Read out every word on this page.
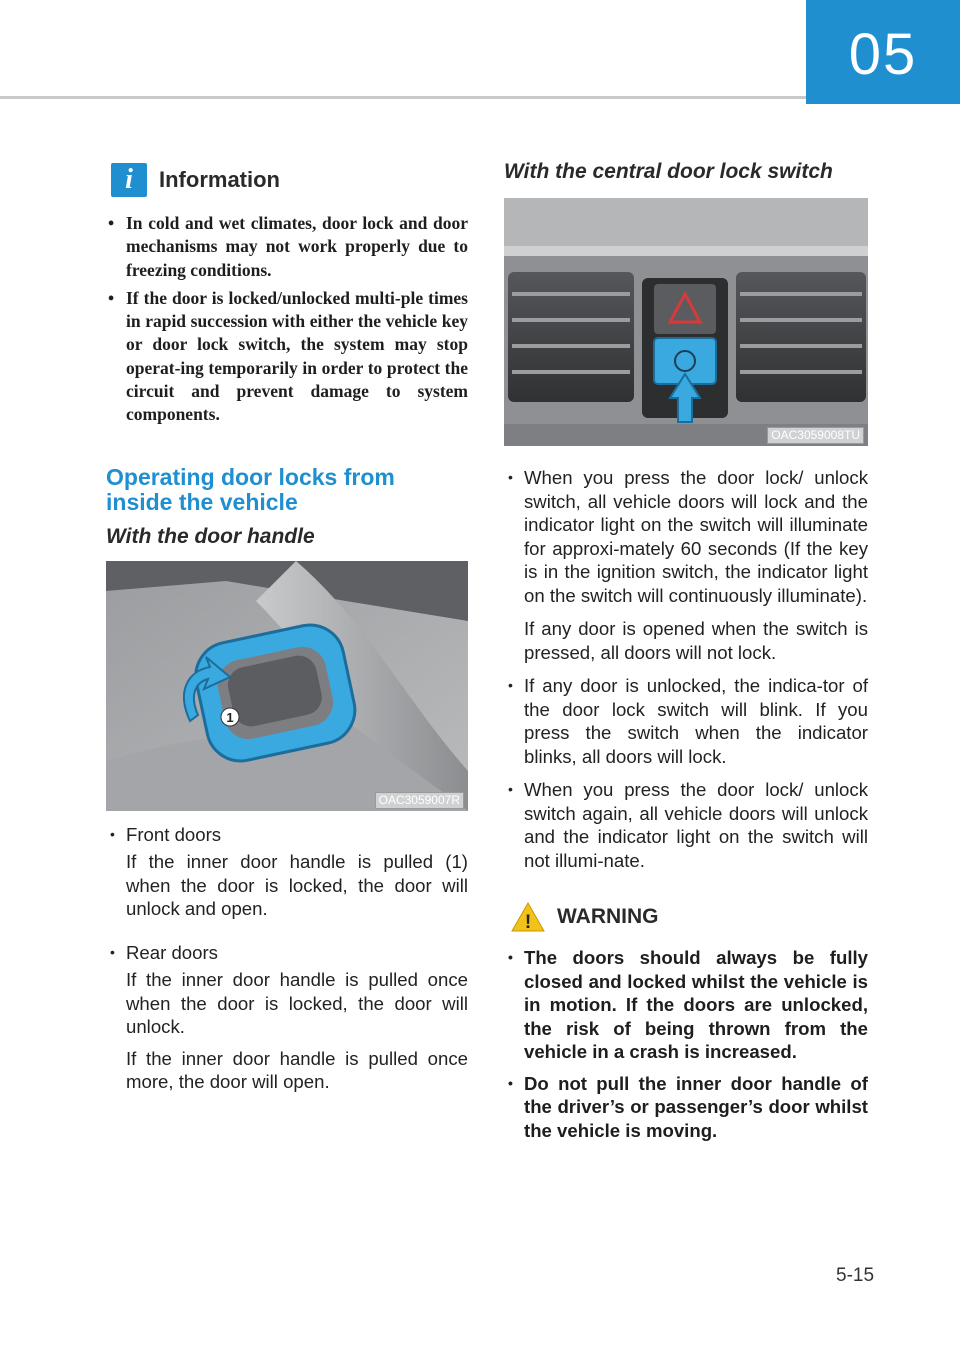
05
i	Information
• In cold and wet climates, door lock and door mechanisms may not work properly due to freezing conditions.
• If the door is locked/unlocked multi-ple times in rapid succession with either the vehicle key or door lock switch, the system may stop operat-ing temporarily in order to protect the circuit and prevent damage to system components.
Operating door locks from
inside the vehicle
With the door handle
1
OAC3059007R

• Front doors

If the inner door handle is pulled (1) when the door is locked, the door will unlock and open.

• Rear doors

If the inner door handle is pulled once when the door is locked, the door will unlock.

If the inner door handle is pulled once more, the door will open.

With the central door lock switch
OAC3059008TU

• When you press the door lock/ unlock switch, all vehicle doors will lock and the indicator light on the switch will illuminate for approxi-mately 60 seconds (If the key is in the ignition switch, the indicator light on the switch will continuously illuminate).

If any door is opened when the switch is pressed, all doors will not lock.

• If any door is unlocked, the indica-tor of the door lock switch will blink. If you press the switch when the indicator blinks, all doors will lock.

• When you press the door lock/ unlock switch again, all vehicle doors will unlock and the indicator light on the switch will not illumi-nate.

! WARNING
• The doors should always be fully closed and locked whilst the vehicle is in motion. If the doors are unlocked, the risk of being thrown from the vehicle in a crash is increased.
• Do not pull the inner door handle of the driver’s or passenger’s door whilst the vehicle is moving.
5-15
